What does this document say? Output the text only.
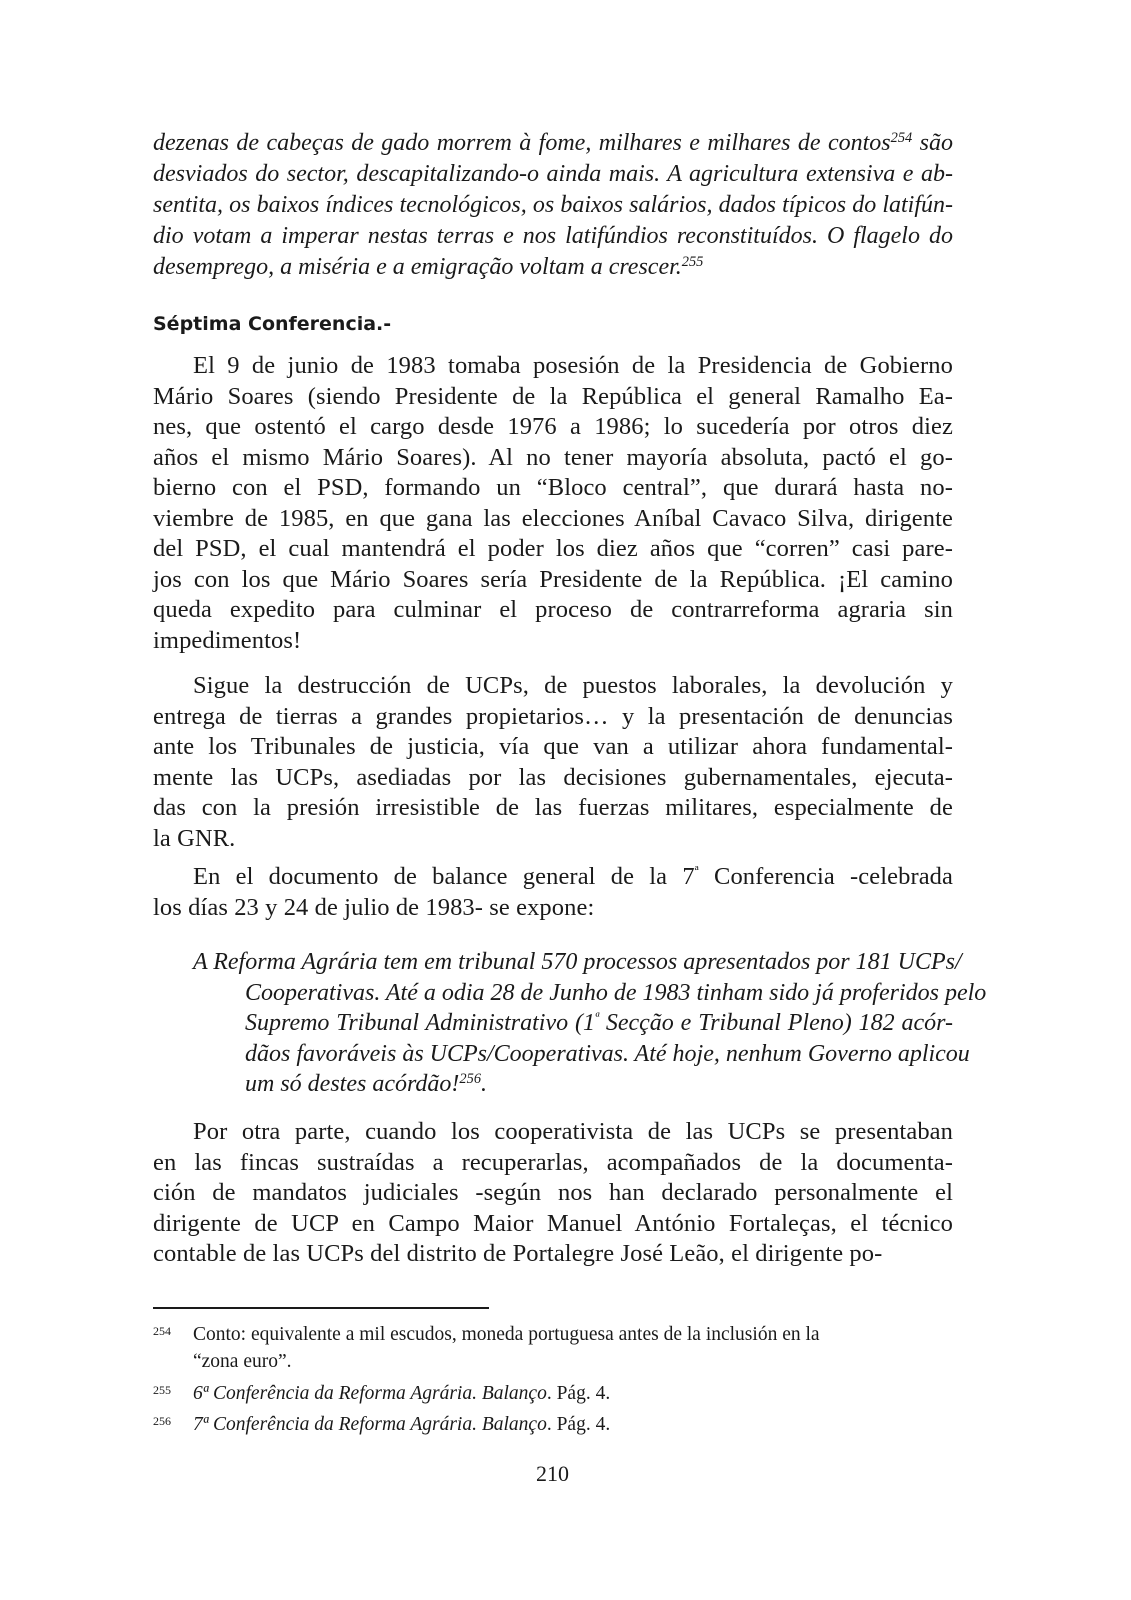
dezenas de cabeças de gado morrem à fome, milhares e milhares de contos$^{254}$ são
desviados do sector, descapitalizando-o ainda mais. A agricultura extensiva e ab-
sentita, os baixos índices tecnológicos, os baixos salários, dados típicos do latifún-
dio votam a imperar nestas terras e nos latifúndios reconstituídos. O flagelo do
desemprego, a miséria e a emigração voltam a crescer.$^{255}$
Séptima Conferencia.-
El 9 de junio de 1983 tomaba posesión de la Presidencia de Gobierno
Mário Soares (siendo Presidente de la República el general Ramalho Ea-
nes, que ostentó el cargo desde 1976 a 1986; lo sucedería por otros diez
años el mismo Mário Soares). Al no tener mayoría absoluta, pactó el go-
bierno con el PSD, formando un “Bloco central”, que durará hasta no-
viembre de 1985, en que gana las elecciones Aníbal Cavaco Silva, dirigente
del PSD, el cual mantendrá el poder los diez años que “corren” casi pare-
jos con los que Mário Soares sería Presidente de la República. ¡El camino
queda expedito para culminar el proceso de contrarreforma agraria sin
impedimentos!
Sigue la destrucción de UCPs, de puestos laborales, la devolución y
entrega de tierras a grandes propietarios… y la presentación de denuncias
ante los Tribunales de justicia, vía que van a utilizar ahora fundamental-
mente las UCPs, asediadas por las decisiones gubernamentales, ejecuta-
das con la presión irresistible de las fuerzas militares, especialmente de
la GNR.
En el documento de balance general de la $7^ª$ Conferencia -celebrada
los días 23 y 24 de julio de 1983- se expone:
A Reforma Agrária tem em tribunal 570 processos apresentados por 181 UCPs/
Cooperativas. Até a odia 28 de Junho de 1983 tinham sido já proferidos pelo
Supremo Tribunal Administrativo ($1^ª$ Secção e Tribunal Pleno) 182 acór-
dãos favoráveis às UCPs/Cooperativas. Até hoje, nenhum Governo aplicou
um só destes acórdão!$^{256}$.
Por otra parte, cuando los cooperativista de las UCPs se presentaban
en las fincas sustraídas a recuperarlas, acompañados de la documenta-
ción de mandatos judiciales -según nos han declarado personalmente el
dirigente de UCP en Campo Maior Manuel António Fortaleças, el técnico
contable de las UCPs del distrito de Portalegre José Leão, el dirigente po-
254 Conto: equivalente a mil escudos, moneda portuguesa antes de la inclusión en la
“zona euro”.
255 6ª Conferência da Reforma Agrária. Balanço. Pág. 4.
256 7ª Conferência da Reforma Agrária. Balanço. Pág. 4.
210
